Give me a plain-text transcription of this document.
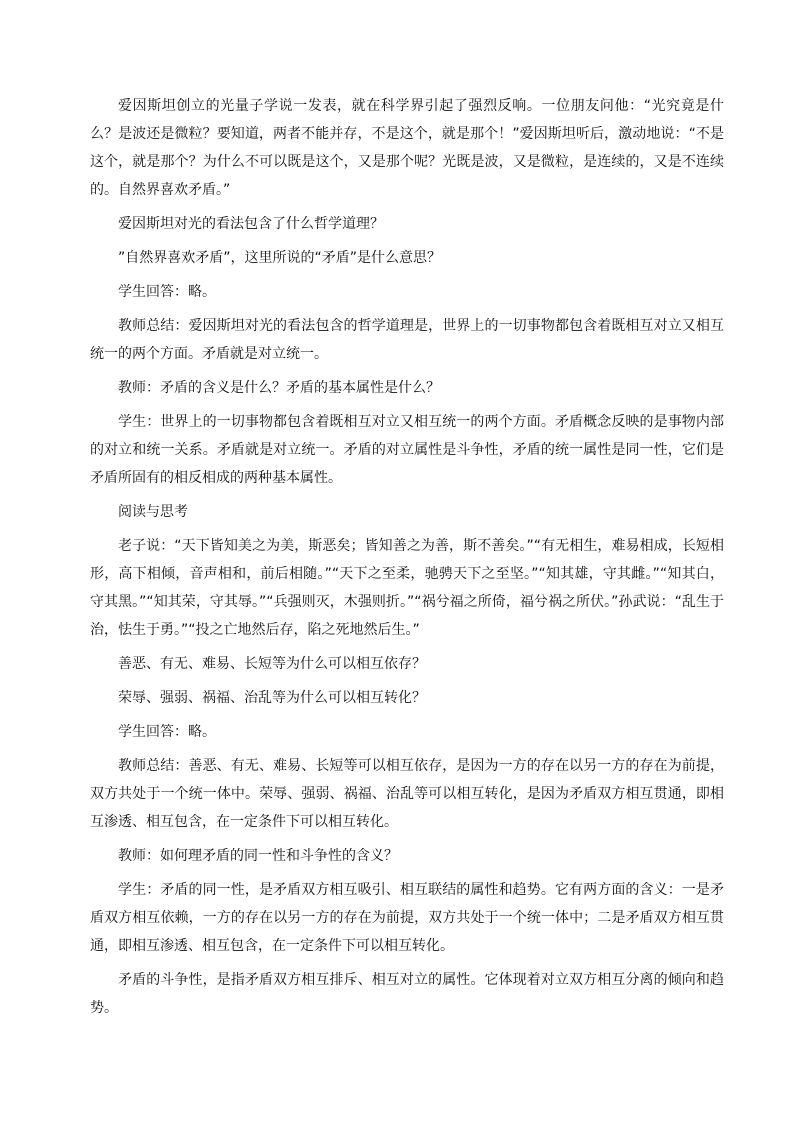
爱因斯坦创立的光量子学说一发表，就在科学界引起了强烈反响。一位朋友问他：“光究竟是什么？是波还是微粒？要知道，两者不能并存，不是这个，就是那个！”爱因斯坦听后，激动地说：“不是这个，就是那个？为什么不可以既是这个，又是那个呢？光既是波，又是微粒，是连续的，又是不连续的。自然界喜欢矛盾。”

爱因斯坦对光的看法包含了什么哲学道理？

”自然界喜欢矛盾”，这里所说的“矛盾”是什么意思？

学生回答：略。

教师总结：爱因斯坦对光的看法包含的哲学道理是，世界上的一切事物都包含着既相互对立又相互统一的两个方面。矛盾就是对立统一。

教师：矛盾的含义是什么？矛盾的基本属性是什么？

学生：世界上的一切事物都包含着既相互对立又相互统一的两个方面。矛盾概念反映的是事物内部的对立和统一关系。矛盾就是对立统一。矛盾的对立属性是斗争性，矛盾的统一属性是同一性，它们是矛盾所固有的相反相成的两种基本属性。

阅读与思考

老子说：“天下皆知美之为美，斯恶矣；皆知善之为善，斯不善矣。”“有无相生，难易相成，长短相形，高下相倾，音声相和，前后相随。”“天下之至柔，驰骋天下之至坚。”“知其雄，守其雌。”“知其白，守其黑。”“知其荣，守其辱。”“兵强则灭，木强则折。”“祸兮福之所倚，福兮祸之所伏。”孙武说：“乱生于治，怯生于勇。”“投之亡地然后存，陷之死地然后生。”

善恶、有无、难易、长短等为什么可以相互依存？

荣辱、强弱、祸福、治乱等为什么可以相互转化？

学生回答：略。

教师总结：善恶、有无、难易、长短等可以相互依存，是因为一方的存在以另一方的存在为前提，双方共处于一个统一体中。荣辱、强弱、祸福、治乱等可以相互转化，是因为矛盾双方相互贯通，即相互渗透、相互包含，在一定条件下可以相互转化。

教师：如何理矛盾的同一性和斗争性的含义？

学生：矛盾的同一性，是矛盾双方相互吸引、相互联结的属性和趋势。它有两方面的含义：一是矛盾双方相互依赖，一方的存在以另一方的存在为前提，双方共处于一个统一体中；二是矛盾双方相互贯通，即相互渗透、相互包含，在一定条件下可以相互转化。

矛盾的斗争性，是指矛盾双方相互排斥、相互对立的属性。它体现着对立双方相互分离的倾向和趋势。
